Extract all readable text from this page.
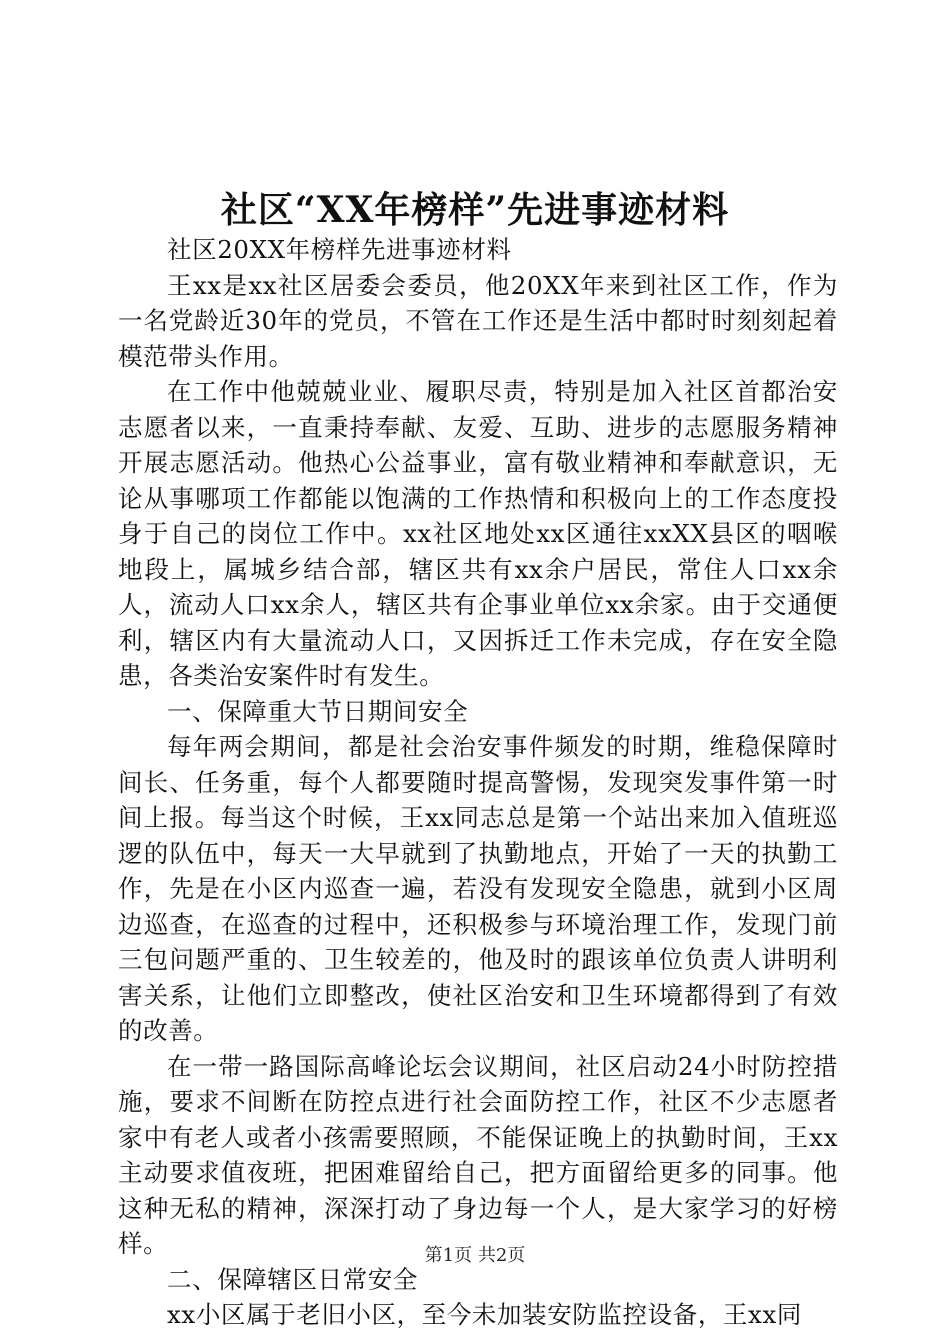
社区“XX年榜样”先进事迹材料

社区20XX年榜样先进事迹材料

王xx是xx社区居委会委员，他20XX年来到社区工作，作为一名党龄近30年的党员，不管在工作还是生活中都时时刻刻起着模范带头作用。

在工作中他兢兢业业、履职尽责，特别是加入社区首都治安志愿者以来，一直秉持奉献、友爱、互助、进步的志愿服务精神开展志愿活动。他热心公益事业，富有敬业精神和奉献意识，无论从事哪项工作都能以饱满的工作热情和积极向上的工作态度投身于自己的岗位工作中。xx社区地处xx区通往xxXX县区的咽喉地段上，属城乡结合部，辖区共有xx余户居民，常住人口xx余人，流动人口xx余人，辖区共有企事业单位xx余家。由于交通便利，辖区内有大量流动人口，又因拆迁工作未完成，存在安全隐患，各类治安案件时有发生。

一、保障重大节日期间安全

每年两会期间，都是社会治安事件频发的时期，维稳保障时间长、任务重，每个人都要随时提高警惕，发现突发事件第一时间上报。每当这个时候，王xx同志总是第一个站出来加入值班巡逻的队伍中，每天一大早就到了执勤地点，开始了一天的执勤工作，先是在小区内巡查一遍，若没有发现安全隐患，就到小区周边巡查，在巡查的过程中，还积极参与环境治理工作，发现门前三包问题严重的、卫生较差的，他及时的跟该单位负责人讲明利害关系，让他们立即整改，使社区治安和卫生环境都得到了有效的改善。

在一带一路国际高峰论坛会议期间，社区启动24小时防控措施，要求不间断在防控点进行社会面防控工作，社区不少志愿者家中有老人或者小孩需要照顾，不能保证晚上的执勤时间，王xx主动要求值夜班，把困难留给自己，把方面留给更多的同事。他这种无私的精神，深深打动了身边每一个人，是大家学习的好榜样。

二、保障辖区日常安全

xx小区属于老旧小区，至今未加装安防监控设备，王xx同

第1页 共2页
